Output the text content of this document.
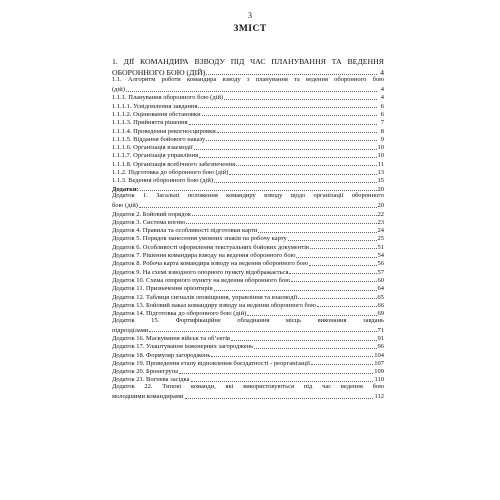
3
ЗМІСТ
1. ДІЇ КОМАНДИРА ВЗВОДУ ПІД ЧАС ПЛАНУВАННЯ ТА ВЕДЕННЯ
ОБОРОННОГО БОЮ (ДІЙ)	4
1.1. Алгоритм роботи командира взводу з планування та ведення оборонного бою
(дій)	4
1.1.1. Планування оборонного бою (дій)	4
1.1.1.1. Усвідомлення завдання	6
1.1.1.2. Оцінювання обстановки	6
1.1.1.3. Прийняття рішення	7
1.1.1.4. Проведення рекогносцировки	8
1.1.1.5. Віддання бойового наказу	9
1.1.1.6. Організація взаємодії	10
1.1.1.7. Організація управління	10
1.1.1.8. Організація всебічного забезпечення	11
1.1.2. Підготовка до оборонного бою (дій)	13
1.1.3. Ведення оборонного бою (дій)	15
Додатки:	20
Додаток 1. Загальні положення командиру взводу щодо організації оборонного
бою (дій)	20
Додаток 2. Бойовий порядок	22
Додаток 3. Система вогню	23
Додаток 4. Правила та особливості підготовки карти	24
Додаток 5. Порядок нанесення умовних знаків на робочу карту	25
Додаток 6. Особливості оформлення текстуальних бойових документів	51
Додаток 7. Рішення командира взводу на ведення оборонного бою	54
Додаток 8. Робоча карта командира взводу на ведення оборонного бою	56
Додаток 9. На схемі взводного опорного пункту відображається	57
Додаток 10. Схема опорного пункту на ведення оборонного бою	60
Додаток 11. Призначення орієнтирів	64
Додаток 12. Таблиця сигналів оповіщення, управління та взаємодії	65
Додаток 13. Бойовий наказ командиру взводу на ведення оборонного бою	66
Додаток 14. Підготовка до оборонного бою (дій)	69
Додаток 15. Фортифікаційне обладнання місць виконання завдань
підрозділами	71
Додаток 16. Маскування військ та об’єктів	91
Додаток 17. Улаштування інженерних загороджень	96
Додаток 18. Формуляр загороджень	104
Додаток 19. Проведення етапу відновлення боєздатності - реорганізації	107
Додаток 20. Бронегрупа	109
Додаток 21. Вогнева засідка	110
Додаток 22. Типові команди, які використовуються під час ведення бою
молодшими командирами	112
